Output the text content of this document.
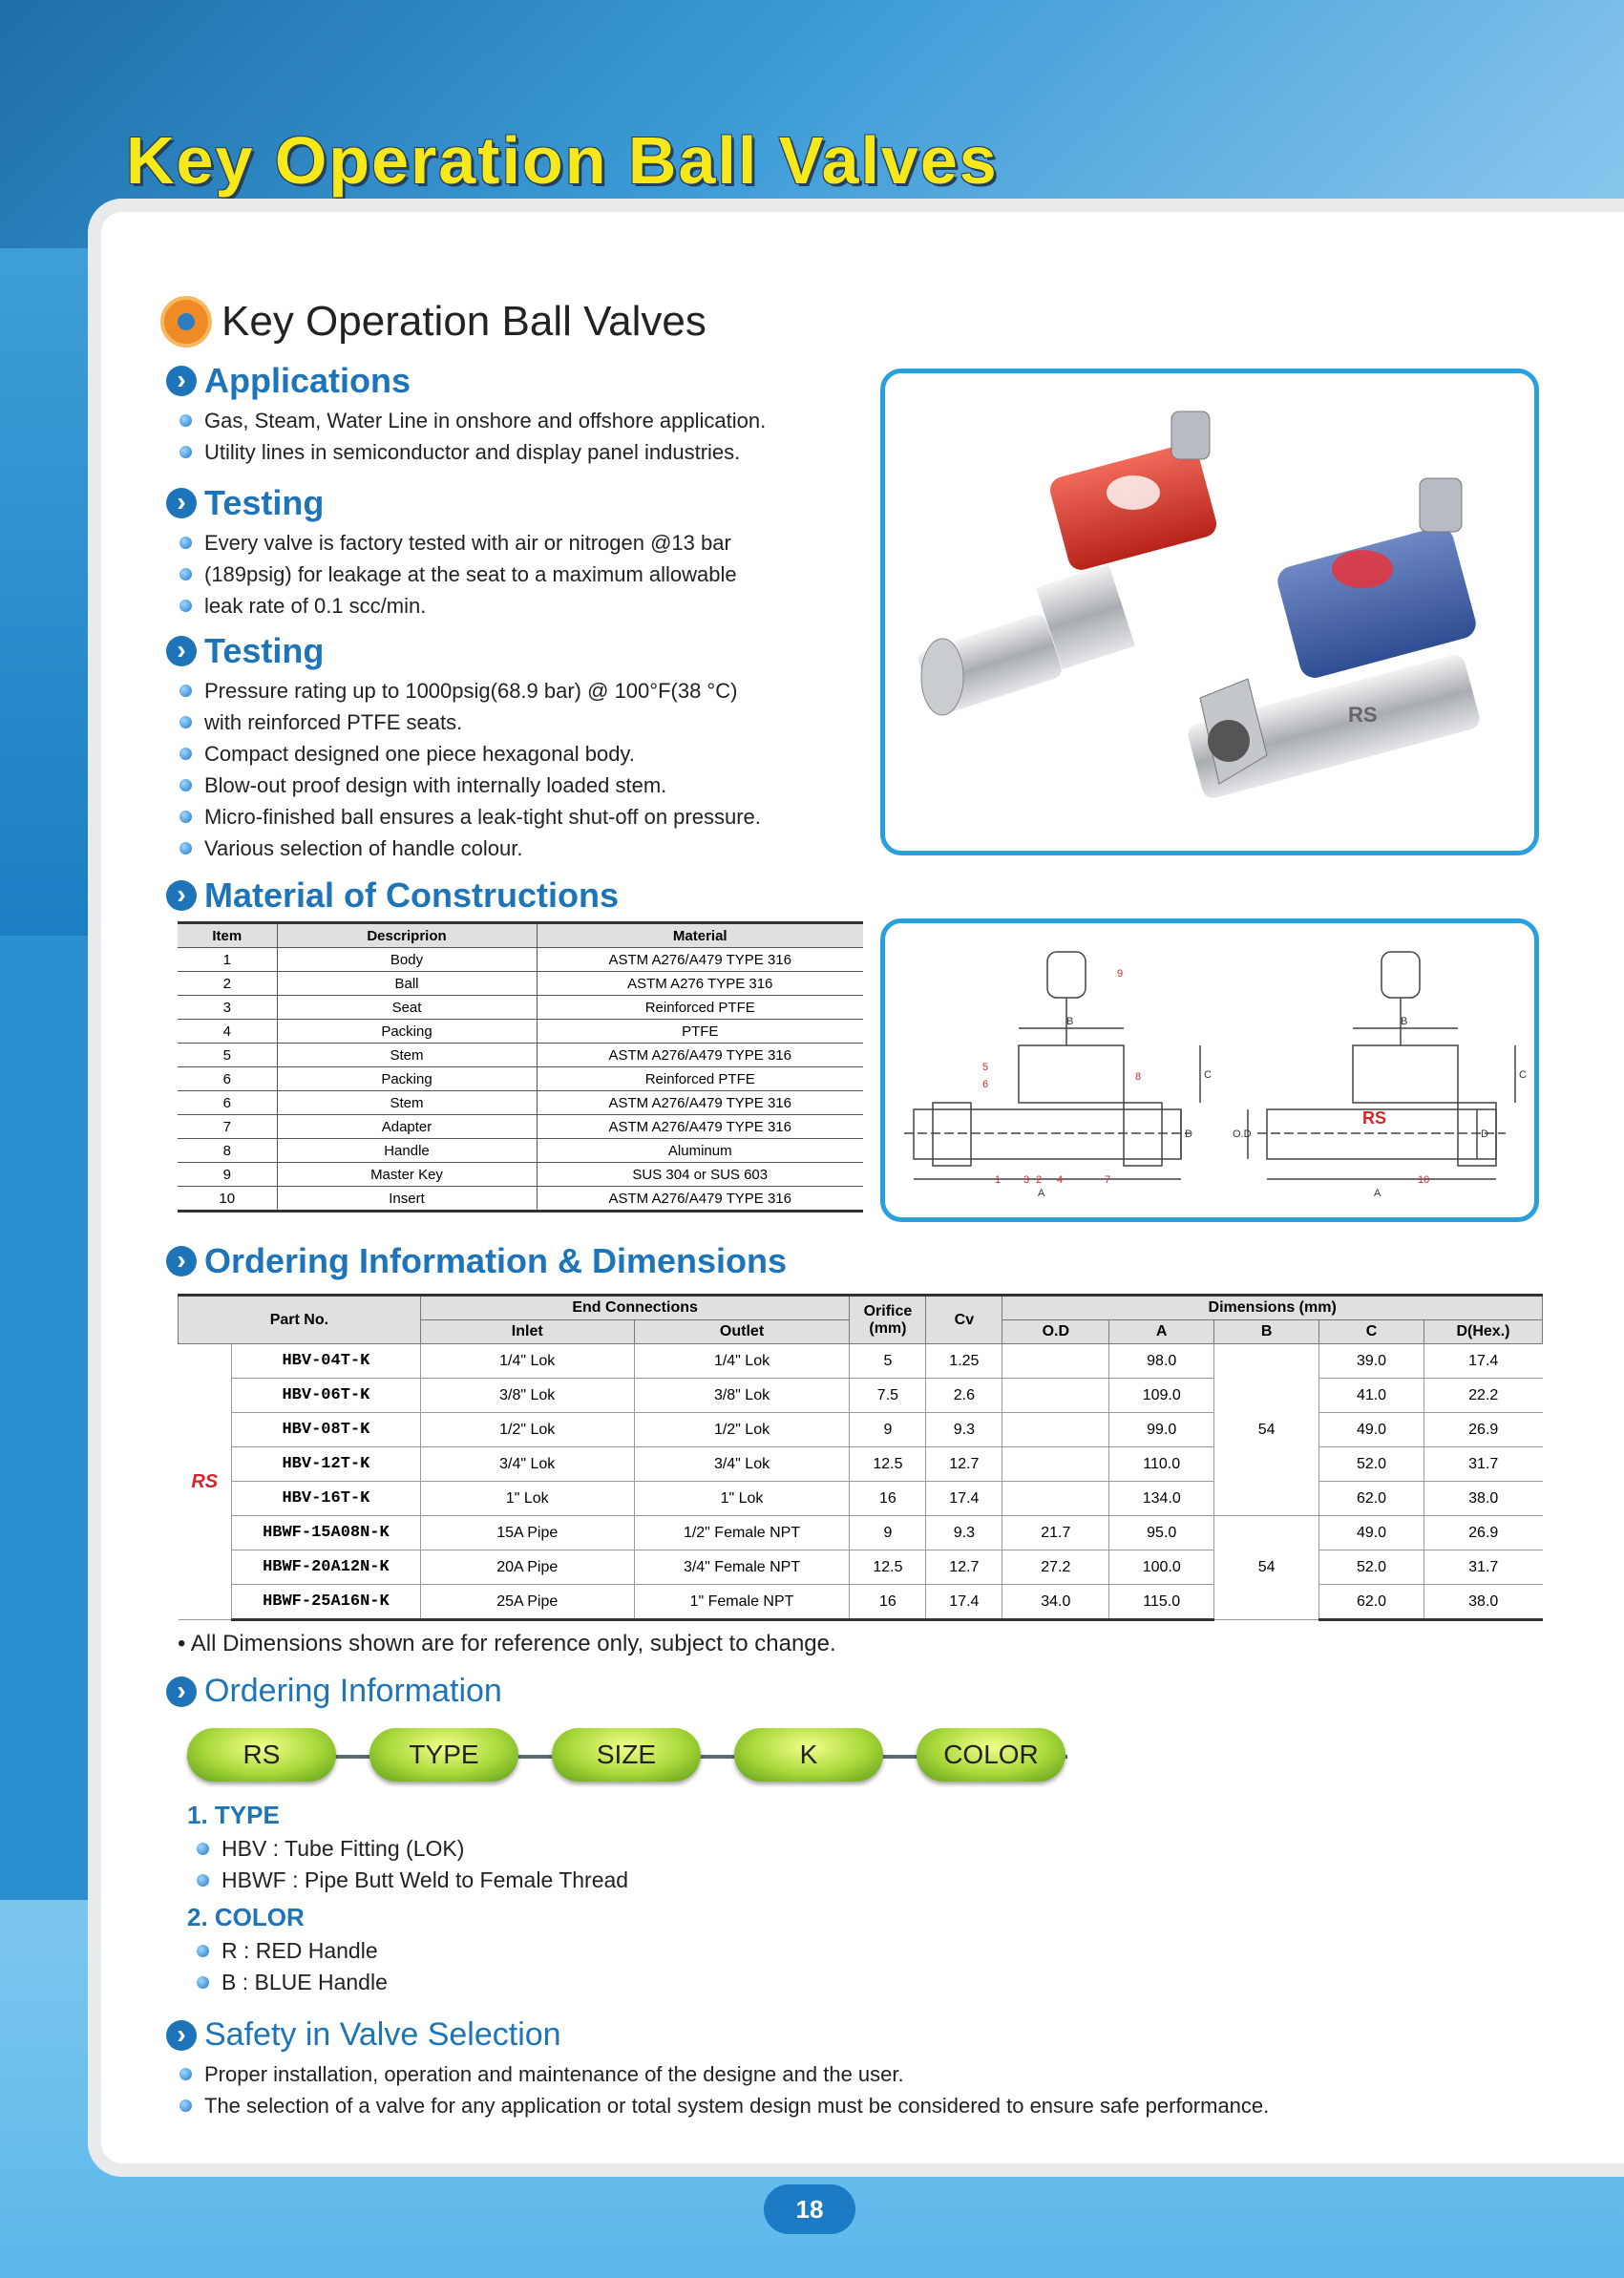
Key Operation Ball Valves
Key Operation Ball Valves
› Applications
Gas, Steam, Water Line in onshore and offshore application.
Utility lines in semiconductor and display panel industries.
› Testing
Every valve is factory tested with air or nitrogen @13 bar
(189psig) for leakage at the seat to a maximum allowable
leak rate of 0.1 scc/min.
› Testing
Pressure rating up to 1000psig(68.9 bar) @ 100°F(38 °C)
with reinforced PTFE seats.
Compact designed one piece hexagonal body.
Blow-out proof design with internally loaded stem.
Micro-finished ball ensures a leak-tight shut-off on pressure.
Various selection of handle colour.
RS
› Material of Constructions
Item	Descriprion	Material
1	Body	ASTM A276/A479 TYPE 316
2	Ball	ASTM A276 TYPE 316
3	Seat	Reinforced PTFE
4	Packing	PTFE
5	Stem	ASTM A276/A479 TYPE 316
6	Packing	Reinforced PTFE
6	Stem	ASTM A276/A479 TYPE 316
7	Adapter	ASTM A276/A479 TYPE 316
8	Handle	Aluminum
9	Master Key	SUS 304 or SUS 603
10	Insert	ASTM A276/A479 TYPE 316
9
5
6
8
1 3 2 4	7	10
A
B
C
D
A
B
C
D
O.D
RS
› Ordering Information & Dimensions
Part No.		End Connections		Orifice (mm)	Cv	Dimensions (mm)				
		Inlet	Outlet			O.D	A	B	C	D(Hex.)
RS	HBV-04T-K	1/4" Lok	1/4" Lok	5	1.25		98.0	54	39.0	17.4
	HBV-06T-K	3/8" Lok	3/8" Lok	7.5	2.6		109.0		41.0	22.2
	HBV-08T-K	1/2" Lok	1/2" Lok	9	9.3		99.0		49.0	26.9
	HBV-12T-K	3/4" Lok	3/4" Lok	12.5	12.7		110.0		52.0	31.7
	HBV-16T-K	1" Lok	1" Lok	16	17.4		134.0		62.0	38.0
	HBWF-15A08N-K	15A Pipe	1/2" Female NPT	9	9.3	21.7	95.0	54	49.0	26.9
	HBWF-20A12N-K	20A Pipe	3/4" Female NPT	12.5	12.7	27.2	100.0		52.0	31.7
	HBWF-25A16N-K	25A Pipe	1" Female NPT	16	17.4	34.0	115.0		62.0	38.0
• All Dimensions shown are for reference only, subject to change.
› Ordering Information
RS	TYPE	SIZE	K	COLOR
1. TYPE
HBV : Tube Fitting (LOK)
HBWF : Pipe Butt Weld to Female Thread
2. COLOR
R : RED Handle
B : BLUE Handle
› Safety in Valve Selection
Proper installation, operation and maintenance of the designe and the user.
The selection of a valve for any application or total system design must be considered to ensure safe performance.
18
